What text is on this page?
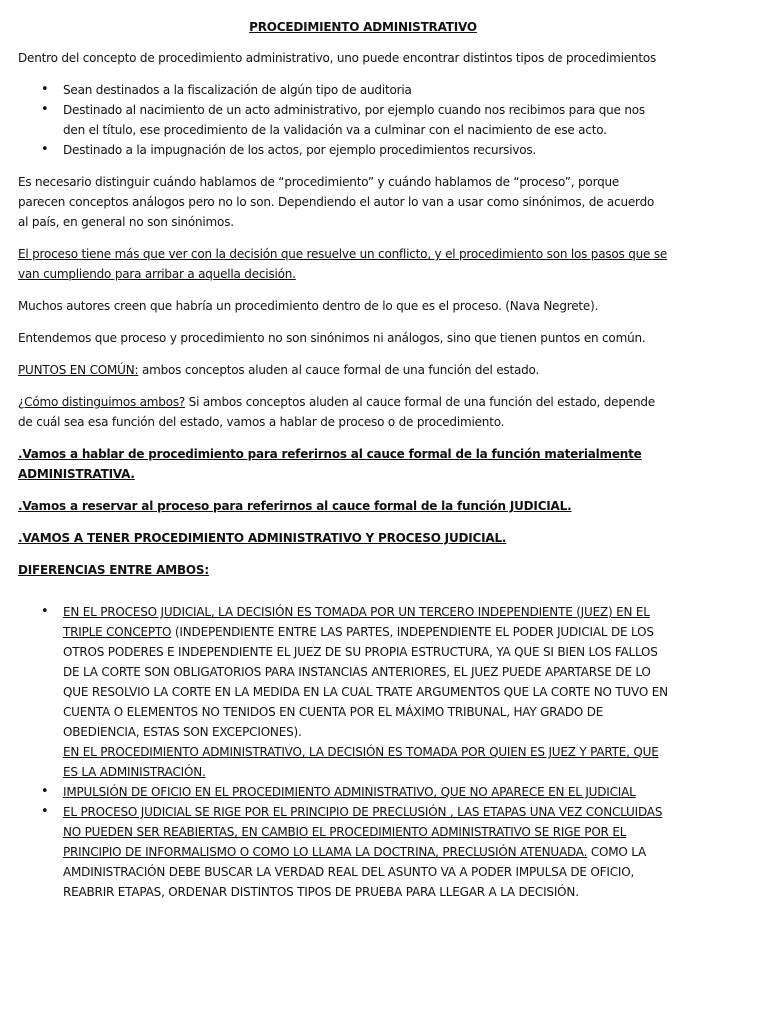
PROCEDIMIENTO ADMINISTRATIVO

Dentro del concepto de procedimiento administrativo, uno puede encontrar distintos tipos de procedimientos

• Sean destinados a la fiscalización de algún tipo de auditoria
• Destinado al nacimiento de un acto administrativo, por ejemplo cuando nos recibimos para que nos den el título, ese procedimiento de la validación va a culminar con el nacimiento de ese acto.
• Destinado a la impugnación de los actos, por ejemplo procedimientos recursivos.

Es necesario distinguir cuándo hablamos de “procedimiento” y cuándo hablamos de “proceso”, porque parecen conceptos análogos pero no lo son. Dependiendo el autor lo van a usar como sinónimos, de acuerdo al país, en general no son sinónimos.

El proceso tiene más que ver con la decisión que resuelve un conflicto, y el procedimiento son los pasos que se van cumpliendo para arribar a aquella decisión.

Muchos autores creen que habría un procedimiento dentro de lo que es el proceso. (Nava Negrete).

Entendemos que proceso y procedimiento no son sinónimos ni análogos, sino que tienen puntos en común.

PUNTOS EN COMÚN: ambos conceptos aluden al cauce formal de una función del estado.

¿Cómo distinguimos ambos? Si ambos conceptos aluden al cauce formal de una función del estado, depende de cuál sea esa función del estado, vamos a hablar de proceso o de procedimiento.

.Vamos a hablar de procedimiento para referirnos al cauce formal de la función materialmente ADMINISTRATIVA.

.Vamos a reservar al proceso para referirnos al cauce formal de la función JUDICIAL.

.VAMOS A TENER PROCEDIMIENTO ADMINISTRATIVO Y PROCESO JUDICIAL.

DIFERENCIAS ENTRE AMBOS:

• EN EL PROCESO JUDICIAL, LA DECISIÓN ES TOMADA POR UN TERCERO INDEPENDIENTE (JUEZ) EN EL TRIPLE CONCEPTO (INDEPENDIENTE ENTRE LAS PARTES, INDEPENDIENTE EL PODER JUDICIAL DE LOS OTROS PODERES E INDEPENDIENTE EL JUEZ DE SU PROPIA ESTRUCTURA, YA QUE SI BIEN LOS FALLOS DE LA CORTE SON OBLIGATORIOS PARA INSTANCIAS ANTERIORES, EL JUEZ PUEDE APARTARSE DE LO QUE RESOLVIO LA CORTE EN LA MEDIDA EN LA CUAL TRATE ARGUMENTOS QUE LA CORTE NO TUVO EN CUENTA O ELEMENTOS NO TENIDOS EN CUENTA POR EL MÁXIMO TRIBUNAL, HAY GRADO DE OBEDIENCIA, ESTAS SON EXCEPCIONES).
EN EL PROCEDIMIENTO ADMINISTRATIVO, LA DECISIÓN ES TOMADA POR QUIEN ES JUEZ Y PARTE, QUE ES LA ADMINISTRACIÓN.
• IMPULSIÓN DE OFICIO EN EL PROCEDIMIENTO ADMINISTRATIVO, QUE NO APARECE EN EL JUDICIAL
• EL PROCESO JUDICIAL SE RIGE POR EL PRINCIPIO DE PRECLUSIÓN , LAS ETAPAS UNA VEZ CONCLUIDAS NO PUEDEN SER REABIERTAS, EN CAMBIO EL PROCEDIMIENTO ADMINISTRATIVO SE RIGE POR EL PRINCIPIO DE INFORMALISMO O COMO LO LLAMA LA DOCTRINA, PRECLUSIÓN ATENUADA. COMO LA AMDINISTRACIÓN DEBE BUSCAR LA VERDAD REAL DEL ASUNTO VA A PODER IMPULSA DE OFICIO, REABRIR ETAPAS, ORDENAR DISTINTOS TIPOS DE PRUEBA PARA LLEGAR A LA DECISIÓN.
